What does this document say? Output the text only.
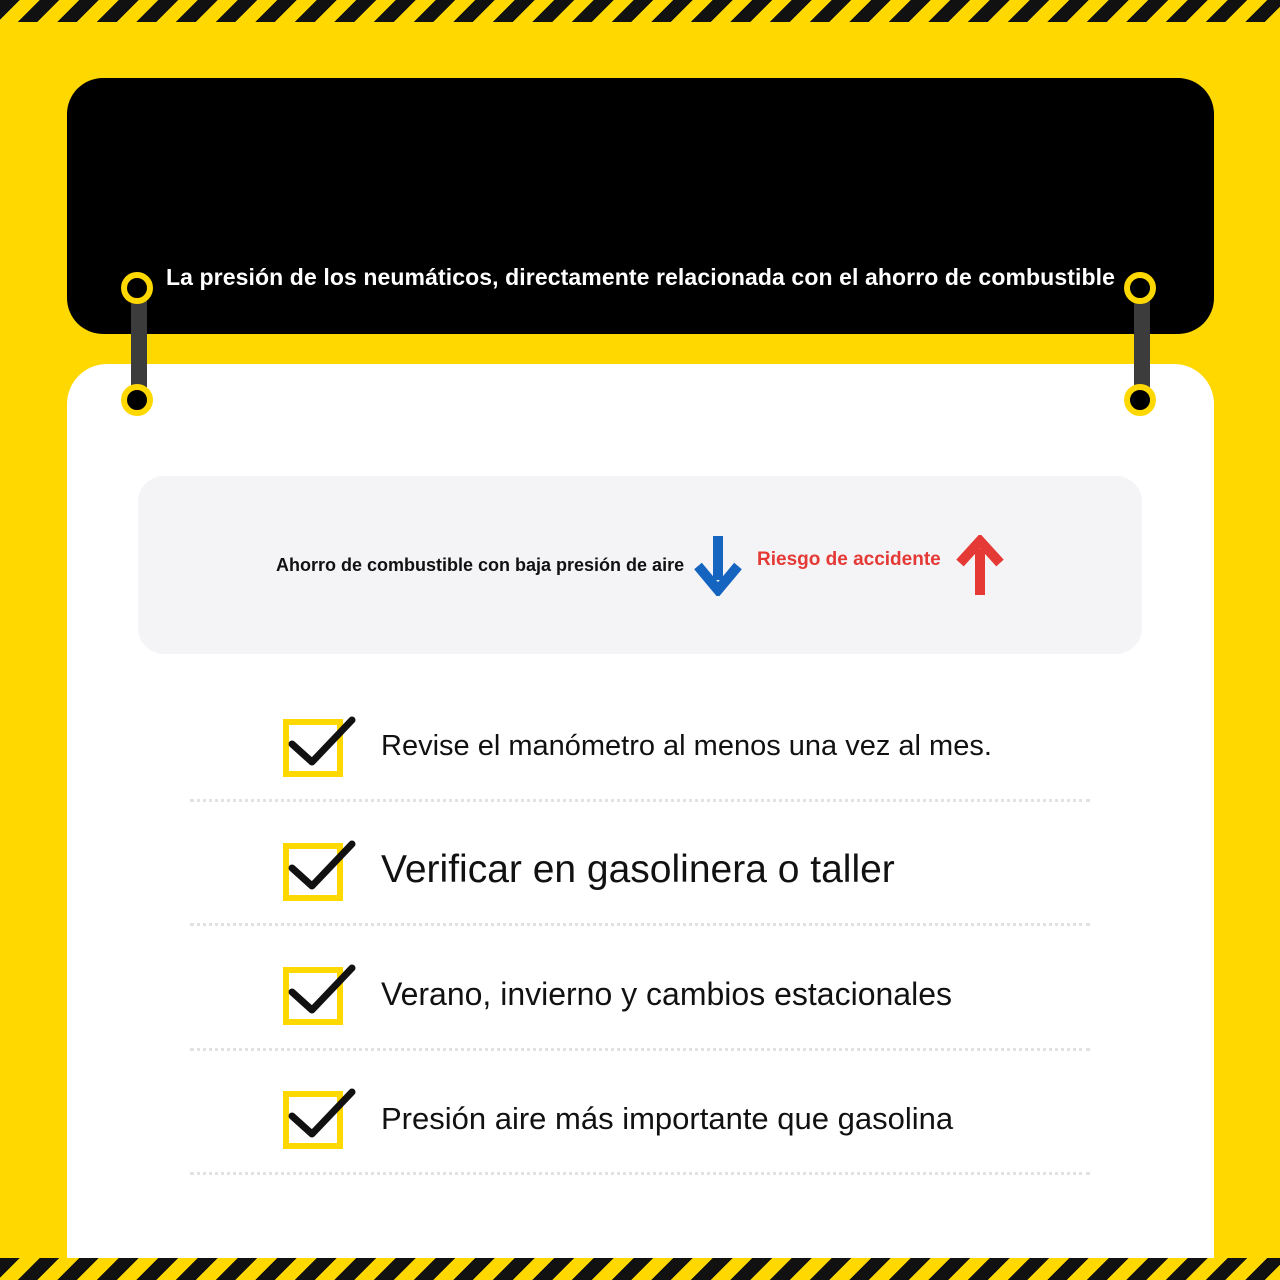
La presión de los neumáticos, directamente relacionada con el ahorro de combustible
Ahorro de combustible con baja presión de aire	Riesgo de accidente
Revise el manómetro al menos una vez al mes.
Verificar en gasolinera o taller
Verano, invierno y cambios estacionales
Presión aire más importante que gasolina
